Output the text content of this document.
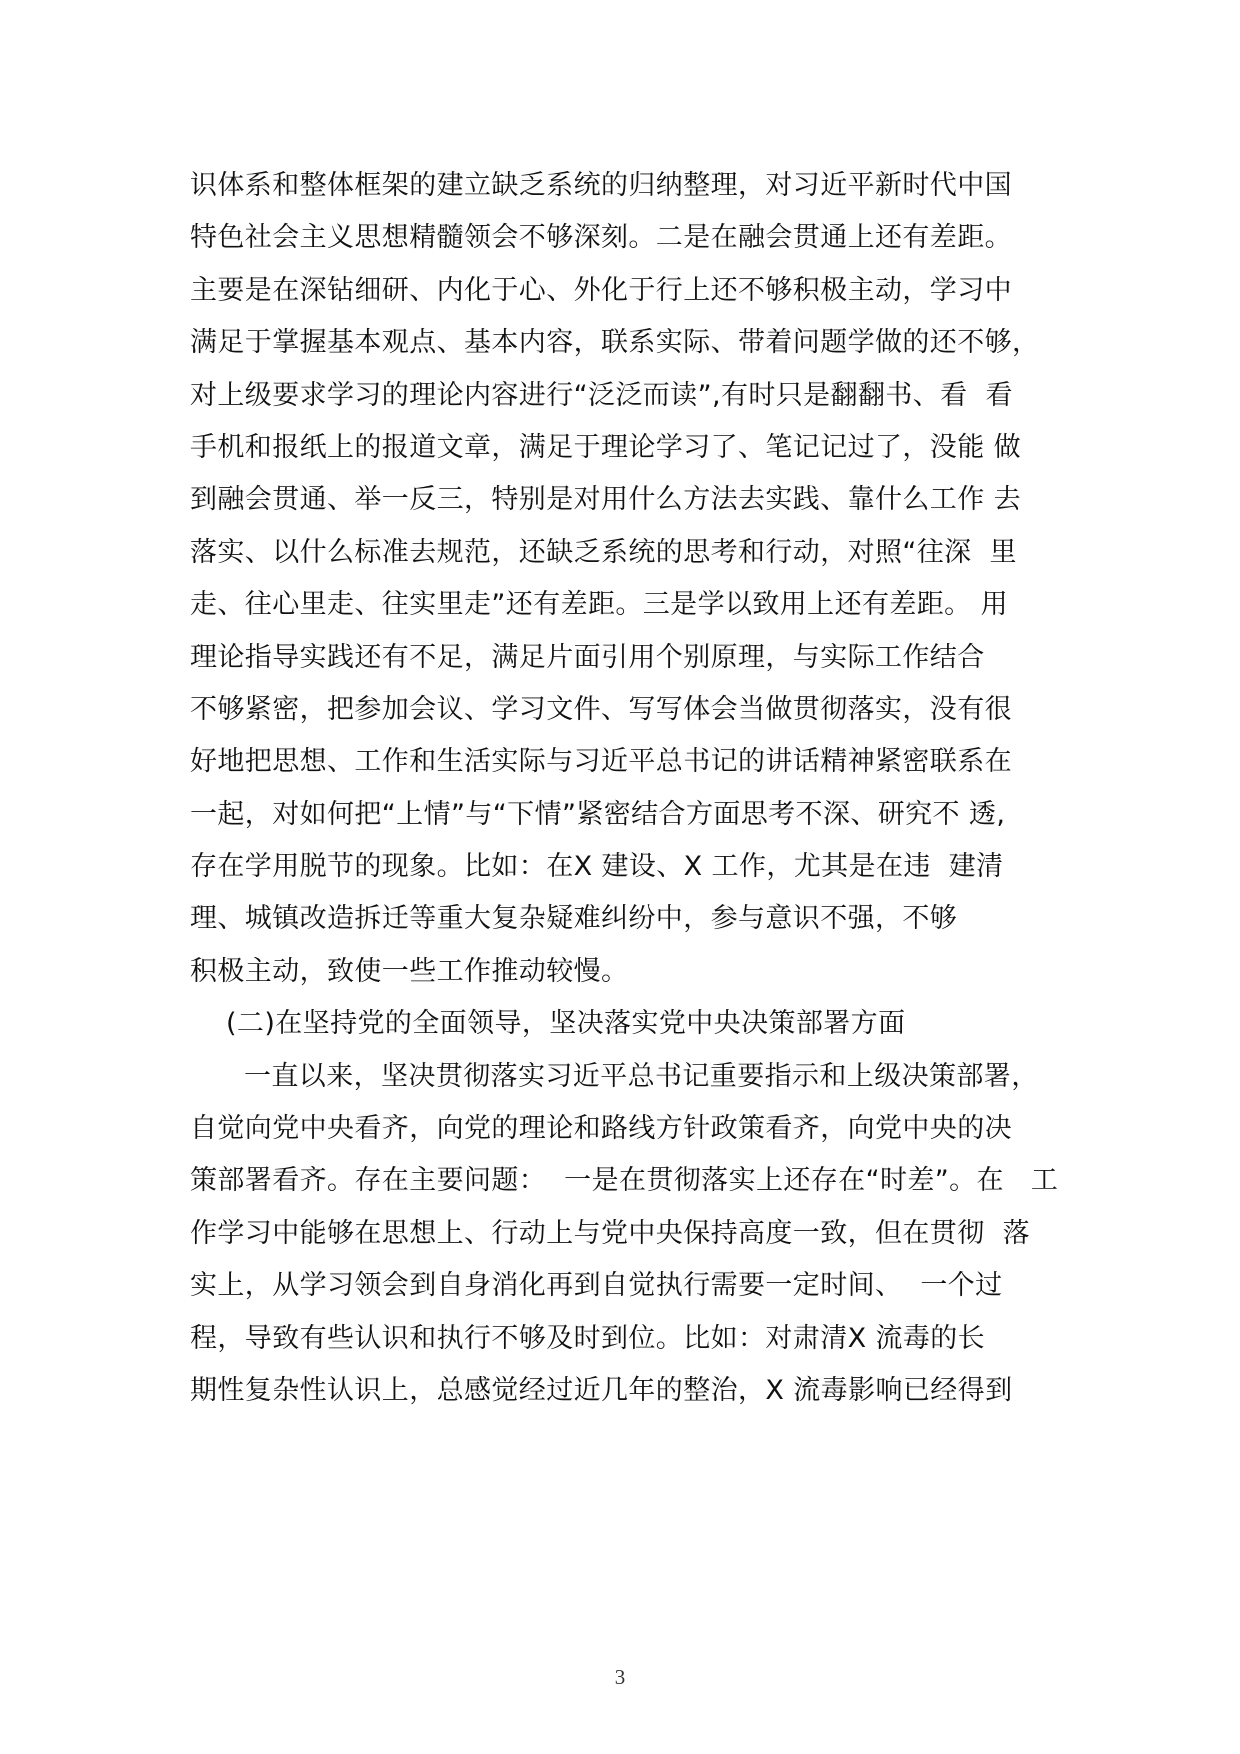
识体系和整体框架的建立缺乏系统的归纳整理，对习近平新时代中国
特色社会主义思想精髓领会不够深刻。二是在融会贯通上还有差距。
主要是在深钻细研、内化于心、外化于行上还不够积极主动，学习中
满足于掌握基本观点、基本内容，联系实际、带着问题学做的还不够，
对上级要求学习的理论内容进行“泛泛而读”,有时只是翻翻书、看  看
手机和报纸上的报道文章，满足于理论学习了、笔记记过了，没能 做
到融会贯通、举一反三，特别是对用什么方法去实践、靠什么工作 去
落实、以什么标准去规范，还缺乏系统的思考和行动，对照“往深  里
走、往心里走、往实里走”还有差距。三是学以致用上还有差距。 用
理论指导实践还有不足，满足片面引用个别原理，与实际工作结合
不够紧密，把参加会议、学习文件、写写体会当做贯彻落实，没有很
好地把思想、工作和生活实际与习近平总书记的讲话精神紧密联系在
一起，对如何把“上情”与“下情”紧密结合方面思考不深、研究不 透,
存在学用脱节的现象。比如：在X 建设、X 工作，尤其是在违  建清
理、城镇改造拆迁等重大复杂疑难纠纷中，参与意识不强，不够
积极主动，致使一些工作推动较慢。
(二)在坚持党的全面领导，坚决落实党中央决策部署方面
一直以来，坚决贯彻落实习近平总书记重要指示和上级决策部署，
自觉向党中央看齐，向党的理论和路线方针政策看齐，向党中央的决
策部署看齐。存在主要问题：  一是在贯彻落实上还存在“时差”。在   工
作学习中能够在思想上、行动上与党中央保持高度一致，但在贯彻  落
实上，从学习领会到自身消化再到自觉执行需要一定时间、  一个过
程，导致有些认识和执行不够及时到位。比如：对肃清X 流毒的长
期性复杂性认识上，总感觉经过近几年的整治，X 流毒影响已经得到
3
